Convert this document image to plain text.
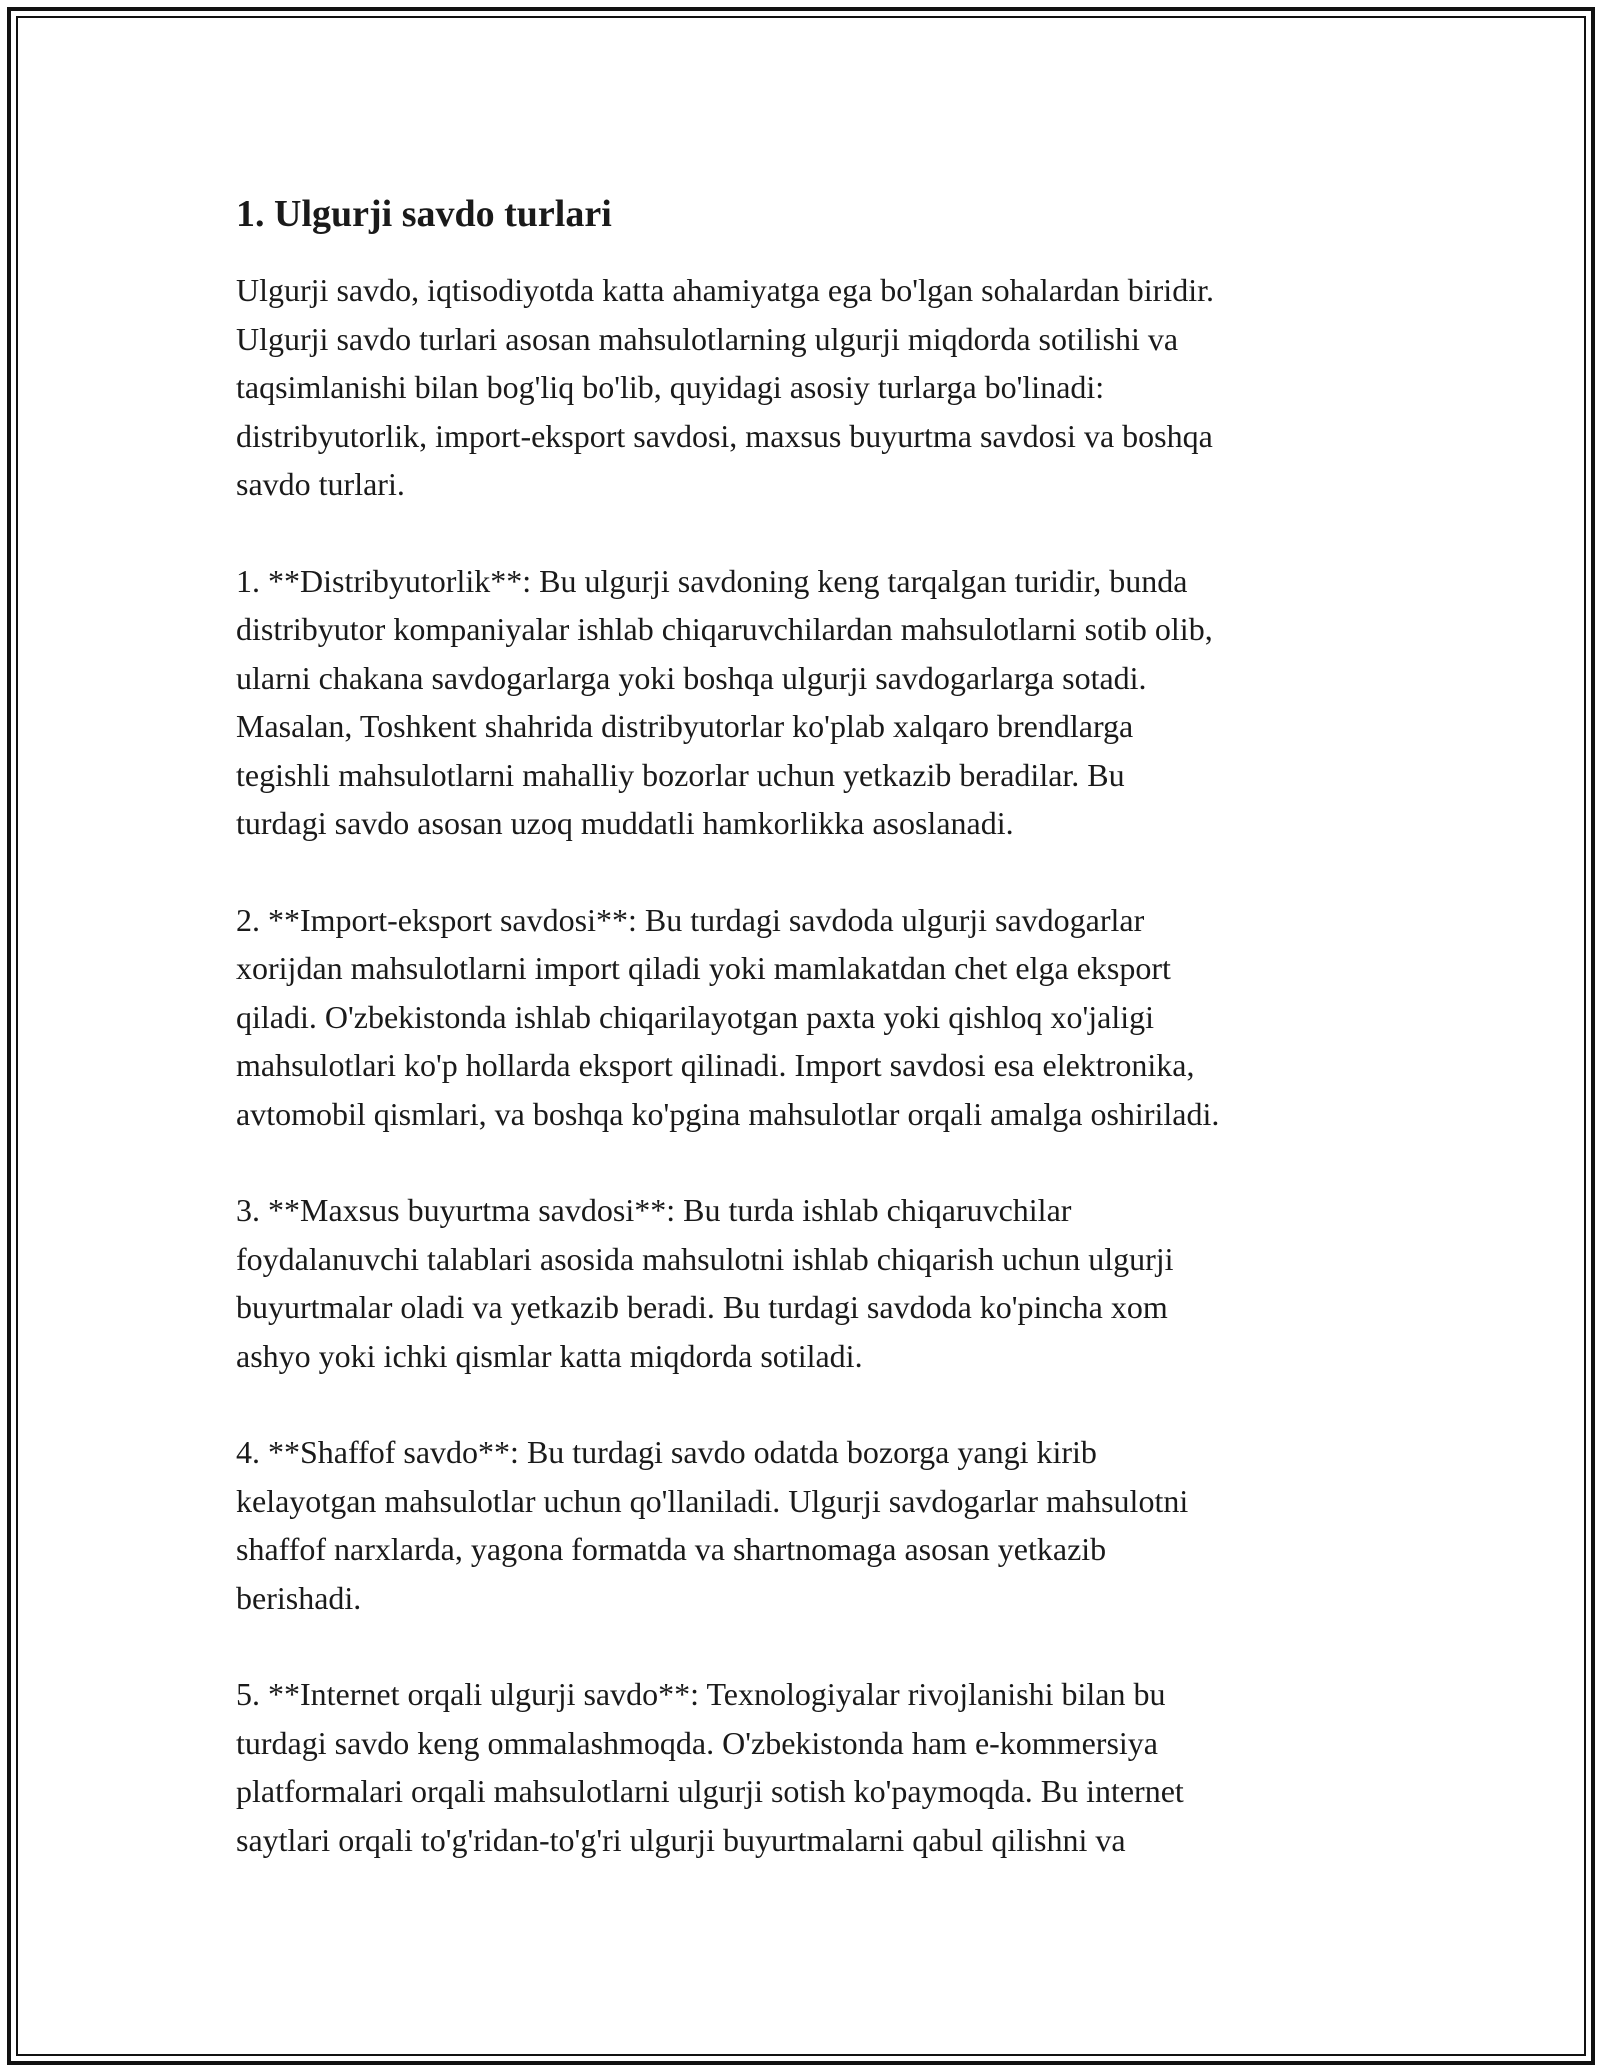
1. Ulgurji savdo turlari

Ulgurji savdo, iqtisodiyotda katta ahamiyatga ega bo'lgan sohalardan biridir.
Ulgurji savdo turlari asosan mahsulotlarning ulgurji miqdorda sotilishi va
taqsimlanishi bilan bog'liq bo'lib, quyidagi asosiy turlarga bo'linadi:
distribyutorlik, import-eksport savdosi, maxsus buyurtma savdosi va boshqa
savdo turlari.

1. **Distribyutorlik**: Bu ulgurji savdoning keng tarqalgan turidir, bunda
distribyutor kompaniyalar ishlab chiqaruvchilardan mahsulotlarni sotib olib,
ularni chakana savdogarlarga yoki boshqa ulgurji savdogarlarga sotadi.
Masalan, Toshkent shahrida distribyutorlar ko'plab xalqaro brendlarga
tegishli mahsulotlarni mahalliy bozorlar uchun yetkazib beradilar. Bu
turdagi savdo asosan uzoq muddatli hamkorlikka asoslanadi.

2. **Import-eksport savdosi**: Bu turdagi savdoda ulgurji savdogarlar
xorijdan mahsulotlarni import qiladi yoki mamlakatdan chet elga eksport
qiladi. O'zbekistonda ishlab chiqarilayotgan paxta yoki qishloq xo'jaligi
mahsulotlari ko'p hollarda eksport qilinadi. Import savdosi esa elektronika,
avtomobil qismlari, va boshqa ko'pgina mahsulotlar orqali amalga oshiriladi.

3. **Maxsus buyurtma savdosi**: Bu turda ishlab chiqaruvchilar
foydalanuvchi talablari asosida mahsulotni ishlab chiqarish uchun ulgurji
buyurtmalar oladi va yetkazib beradi. Bu turdagi savdoda ko'pincha xom
ashyo yoki ichki qismlar katta miqdorda sotiladi.

4. **Shaffof savdo**: Bu turdagi savdo odatda bozorga yangi kirib
kelayotgan mahsulotlar uchun qo'llaniladi. Ulgurji savdogarlar mahsulotni
shaffof narxlarda, yagona formatda va shartnomaga asosan yetkazib
berishadi.

5. **Internet orqali ulgurji savdo**: Texnologiyalar rivojlanishi bilan bu
turdagi savdo keng ommalashmoqda. O'zbekistonda ham e-kommersiya
platformalari orqali mahsulotlarni ulgurji sotish ko'paymoqda. Bu internet
saytlari orqali to'g'ridan-to'g'ri ulgurji buyurtmalarni qabul qilishni va
